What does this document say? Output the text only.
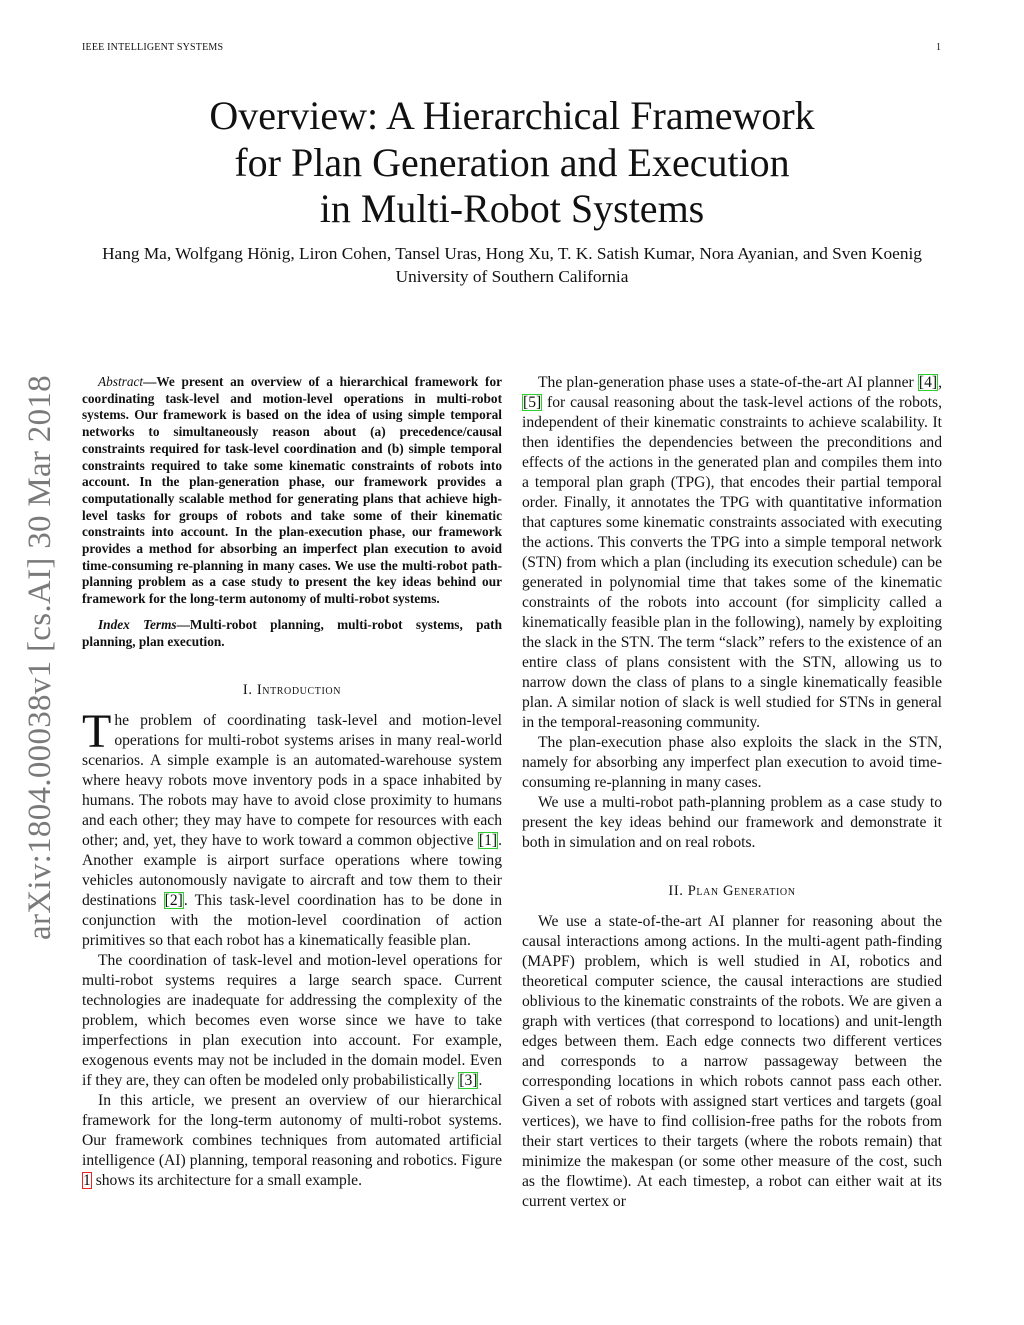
IEEE INTELLIGENT SYSTEMS	1
Overview: A Hierarchical Framework
for Plan Generation and Execution
in Multi-Robot Systems
Hang Ma, Wolfgang Hönig, Liron Cohen, Tansel Uras, Hong Xu, T. K. Satish Kumar, Nora Ayanian, and Sven Koenig
University of Southern California
arXiv:1804.00038v1 [cs.AI] 30 Mar 2018	Abstract—We present an overview of a hierarchical framework for coordinating task-level and motion-level operations in multi-robot systems. Our framework is based on the idea of using simple temporal networks to simultaneously reason about (a) precedence/causal constraints required for task-level coordination and (b) simple temporal constraints required to take some kinematic constraints of robots into account. In the plan-generation phase, our framework provides a computationally scalable method for generating plans that achieve high-level tasks for groups of robots and take some of their kinematic constraints into account. In the plan-execution phase, our framework provides a method for absorbing an imperfect plan execution to avoid time-consuming re-planning in many cases. We use the multi-robot path-planning problem as a case study to present the key ideas behind our framework for the long-term autonomy of multi-robot systems.

Index Terms—Multi-robot planning, multi-robot systems, path planning, plan execution.

I. Introduction

The problem of coordinating task-level and motion-level operations for multi-robot systems arises in many real-world scenarios. A simple example is an automated-warehouse system where heavy robots move inventory pods in a space inhabited by humans. The robots may have to avoid close proximity to humans and each other; they may have to compete for resources with each other; and, yet, they have to work toward a common objective [1]. Another example is airport surface operations where towing vehicles autonomously navigate to aircraft and tow them to their destinations [2]. This task-level coordination has to be done in conjunction with the motion-level coordination of action primitives so that each robot has a kinematically feasible plan.

The coordination of task-level and motion-level operations for multi-robot systems requires a large search space. Current technologies are inadequate for addressing the complexity of the problem, which becomes even worse since we have to take imperfections in plan execution into account. For example, exogenous events may not be included in the domain model. Even if they are, they can often be modeled only probabilistically [3].

In this article, we present an overview of our hierarchical framework for the long-term autonomy of multi-robot systems. Our framework combines techniques from automated artificial intelligence (AI) planning, temporal reasoning and robotics. Figure 1 shows its architecture for a small example.

The plan-generation phase uses a state-of-the-art AI planner [4], [5] for causal reasoning about the task-level actions of the robots, independent of their kinematic constraints to achieve scalability. It then identifies the dependencies between the preconditions and effects of the actions in the generated plan and compiles them into a temporal plan graph (TPG), that encodes their partial temporal order. Finally, it annotates the TPG with quantitative information that captures some kinematic constraints associated with executing the actions. This converts the TPG into a simple temporal network (STN) from which a plan (including its execution schedule) can be generated in polynomial time that takes some of the kinematic constraints of the robots into account (for simplicity called a kinematically feasible plan in the following), namely by exploiting the slack in the STN. The term “slack” refers to the existence of an entire class of plans consistent with the STN, allowing us to narrow down the class of plans to a single kinematically feasible plan. A similar notion of slack is well studied for STNs in general in the temporal-reasoning community.

The plan-execution phase also exploits the slack in the STN, namely for absorbing any imperfect plan execution to avoid time-consuming re-planning in many cases.

We use a multi-robot path-planning problem as a case study to present the key ideas behind our framework and demonstrate it both in simulation and on real robots.

II. Plan Generation

We use a state-of-the-art AI planner for reasoning about the causal interactions among actions. In the multi-agent path-finding (MAPF) problem, which is well studied in AI, robotics and theoretical computer science, the causal interactions are studied oblivious to the kinematic constraints of the robots. We are given a graph with vertices (that correspond to locations) and unit-length edges between them. Each edge connects two different vertices and corresponds to a narrow passageway between the corresponding locations in which robots cannot pass each other. Given a set of robots with assigned start vertices and targets (goal vertices), we have to find collision-free paths for the robots from their start vertices to their targets (where the robots remain) that minimize the makespan (or some other measure of the cost, such as the flowtime). At each timestep, a robot can either wait at its current vertex or
